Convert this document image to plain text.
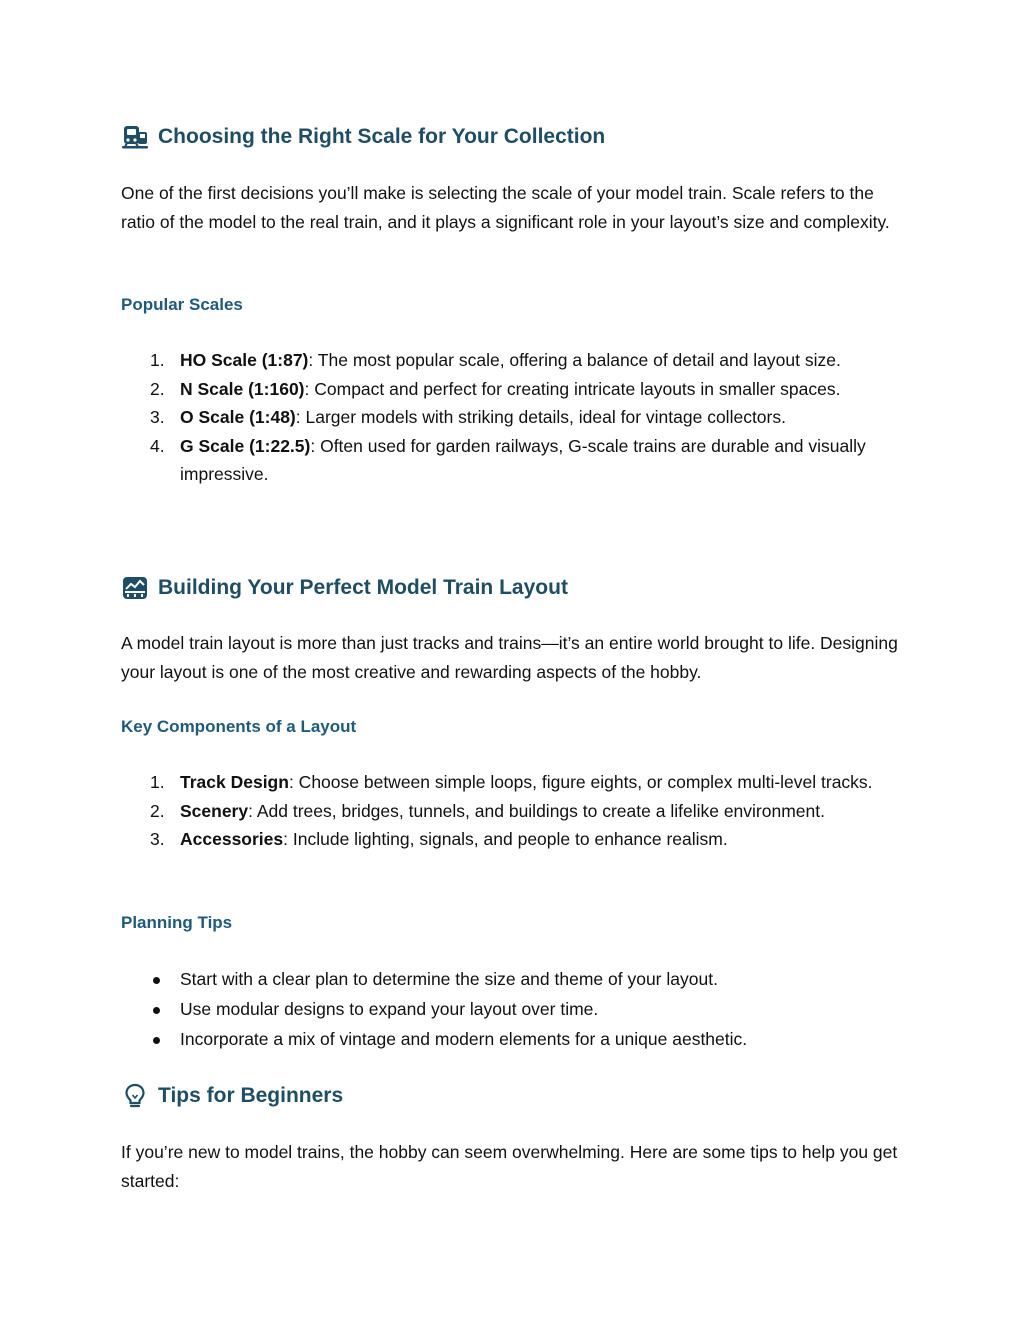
Choosing the Right Scale for Your Collection

One of the first decisions you’ll make is selecting the scale of your model train. Scale refers to the ratio of the model to the real train, and it plays a significant role in your layout’s size and complexity.

Popular Scales
1. HO Scale (1:87): The most popular scale, offering a balance of detail and layout size.
2. N Scale (1:160): Compact and perfect for creating intricate layouts in smaller spaces.
3. O Scale (1:48): Larger models with striking details, ideal for vintage collectors.
4. G Scale (1:22.5): Often used for garden railways, G-scale trains are durable and visually impressive.
Building Your Perfect Model Train Layout

A model train layout is more than just tracks and trains—it’s an entire world brought to life. Designing your layout is one of the most creative and rewarding aspects of the hobby.

Key Components of a Layout
1. Track Design: Choose between simple loops, figure eights, or complex multi-level tracks.
2. Scenery: Add trees, bridges, tunnels, and buildings to create a lifelike environment.
3. Accessories: Include lighting, signals, and people to enhance realism.
Planning Tips
Start with a clear plan to determine the size and theme of your layout.
Use modular designs to expand your layout over time.
Incorporate a mix of vintage and modern elements for a unique aesthetic.
Tips for Beginners

If you’re new to model trains, the hobby can seem overwhelming. Here are some tips to help you get started:
